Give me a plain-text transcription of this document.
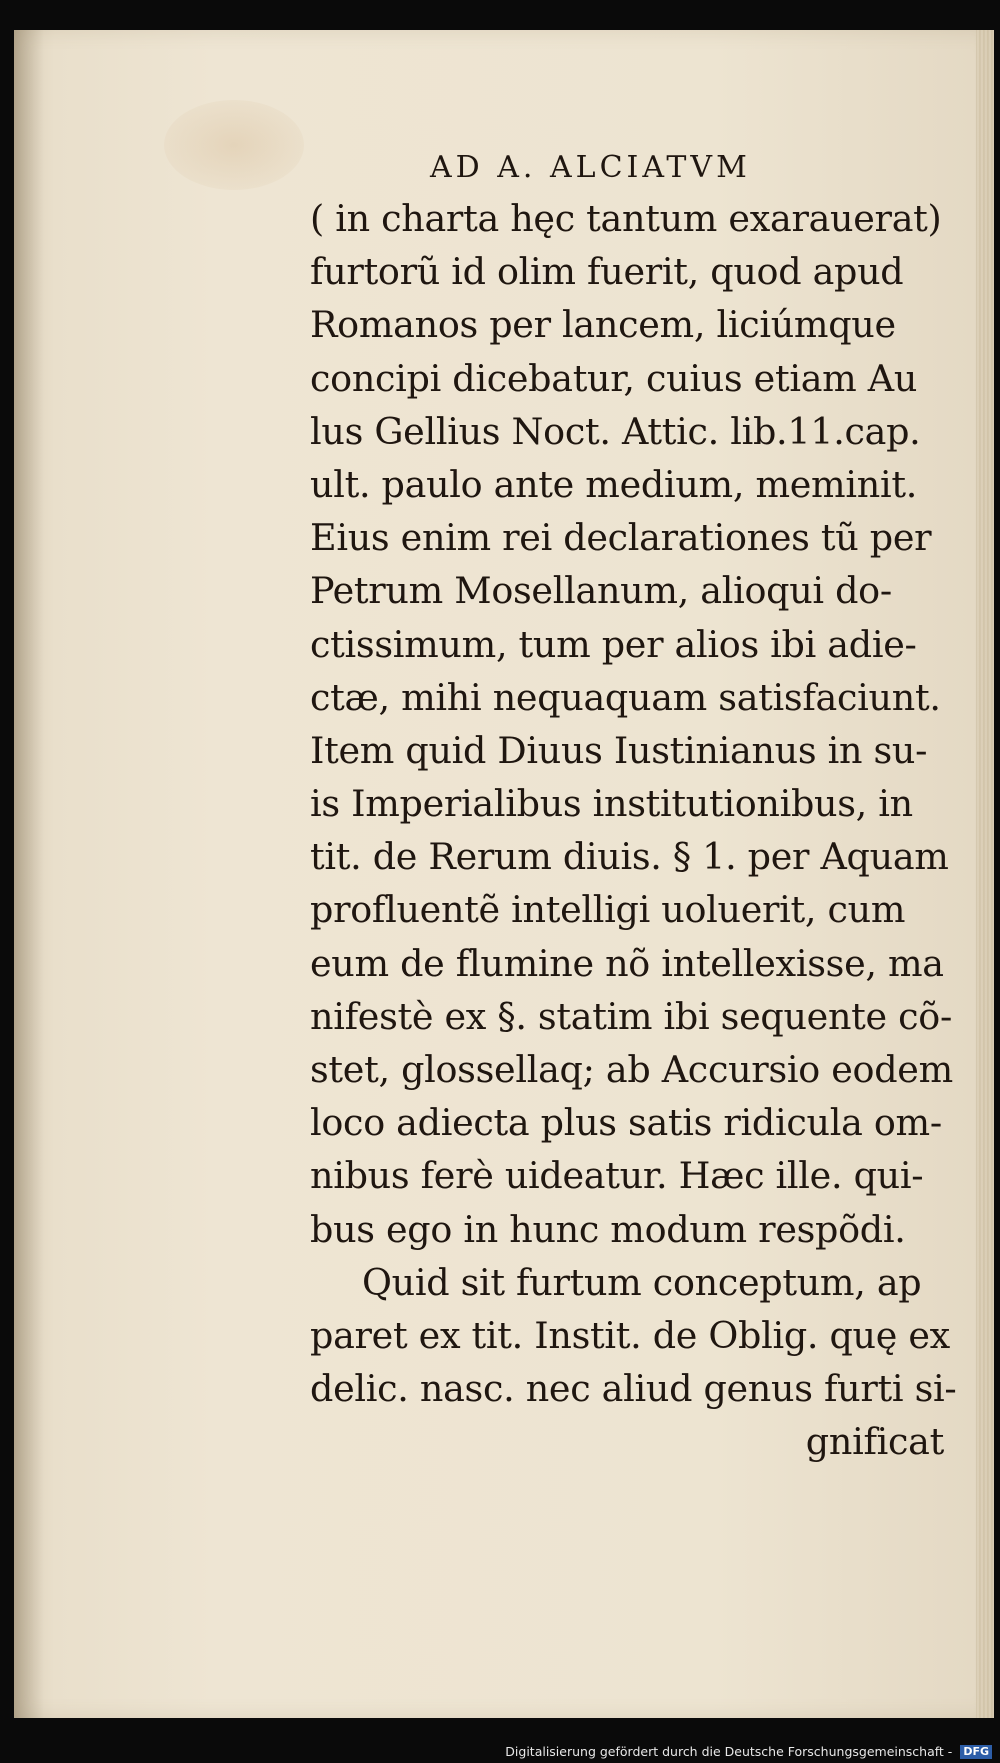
AD A. ALCIATVM
( in charta hęc tantum exarauerat)
furtorũ id olim fuerit, quod apud
Romanos per lancem, liciúmque
concipi dicebatur, cuius etiam Au
lus Gellius Noct. Attic. lib.11.cap.
ult. paulo ante medium, meminit.
Eius enim rei declarationes tũ per
Petrum Mosellanum, alioqui do-
ctissimum, tum per alios ibi adie-
ctæ, mihi nequaquam satisfaciunt.
Item quid Diuus Iustinianus in su-
is Imperialibus institutionibus, in
tit. de Rerum diuis. § 1. per Aquam
profluentẽ intelligi uoluerit, cum
eum de flumine nõ intellexisse, ma
nifestè ex §. statim ibi sequente cõ-
stet, glossellaq; ab Accursio eodem
loco adiecta plus satis ridicula om-
nibus ferè uideatur. Hæc ille. qui-
bus ego in hunc modum respõdi.
Quid sit furtum conceptum, ap
paret ex tit. Instit. de Oblig. quę ex
delic. nasc. nec aliud genus furti si-
gnificat
Digitalisierung gefördert durch die Deutsche Forschungsgemeinschaft - DFG
